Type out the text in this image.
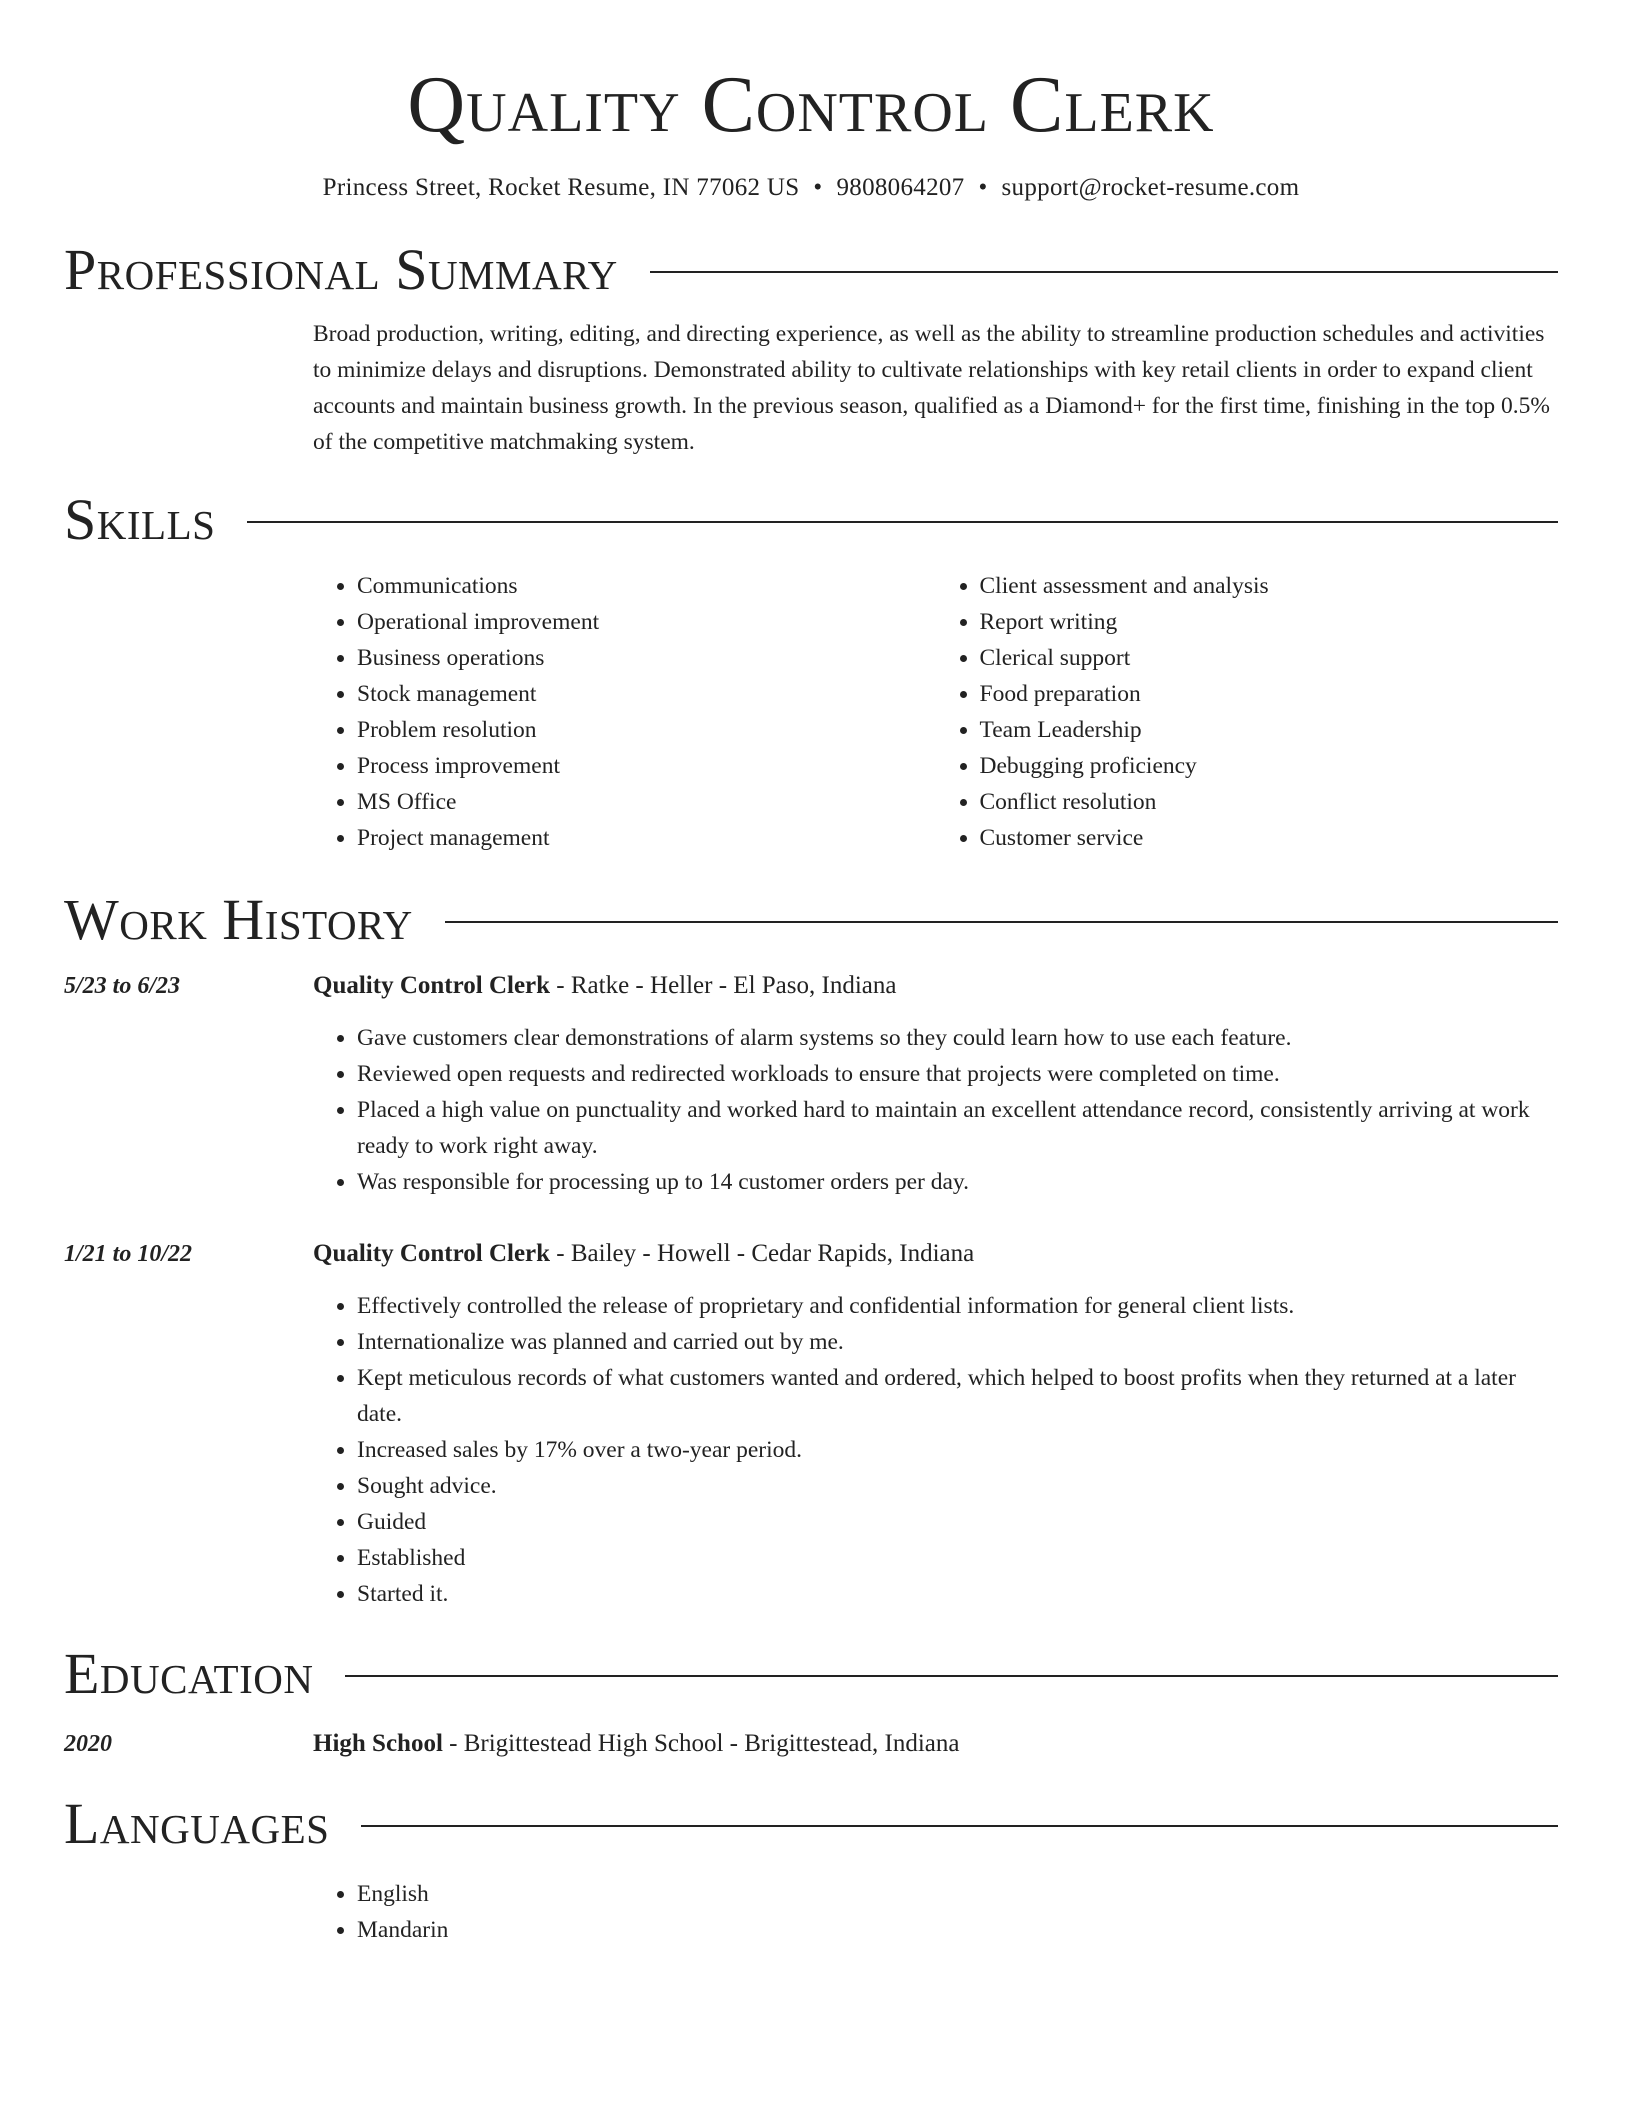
Quality Control Clerk
Princess Street, Rocket Resume, IN 77062 US • 9808064207 • support@rocket-resume.com
Professional Summary
Broad production, writing, editing, and directing experience, as well as the ability to streamline production schedules and activities to minimize delays and disruptions. Demonstrated ability to cultivate relationships with key retail clients in order to expand client accounts and maintain business growth. In the previous season, qualified as a Diamond+ for the first time, finishing in the top 0.5% of the competitive matchmaking system.
Skills
• Communications
• Operational improvement
• Business operations
• Stock management
• Problem resolution
• Process improvement
• MS Office
• Project management
• Client assessment and analysis
• Report writing
• Clerical support
• Food preparation
• Team Leadership
• Debugging proficiency
• Conflict resolution
• Customer service
Work History
5/23 to 6/23	Quality Control Clerk - Ratke - Heller - El Paso, Indiana
• Gave customers clear demonstrations of alarm systems so they could learn how to use each feature.
• Reviewed open requests and redirected workloads to ensure that projects were completed on time.
• Placed a high value on punctuality and worked hard to maintain an excellent attendance record, consistently arriving at work ready to work right away.
• Was responsible for processing up to 14 customer orders per day.
1/21 to 10/22	Quality Control Clerk - Bailey - Howell - Cedar Rapids, Indiana
• Effectively controlled the release of proprietary and confidential information for general client lists.
• Internationalize was planned and carried out by me.
• Kept meticulous records of what customers wanted and ordered, which helped to boost profits when they returned at a later date.
• Increased sales by 17% over a two-year period.
• Sought advice.
• Guided
• Established
• Started it.
Education
2020	High School - Brigittestead High School - Brigittestead, Indiana
Languages
• English
• Mandarin
